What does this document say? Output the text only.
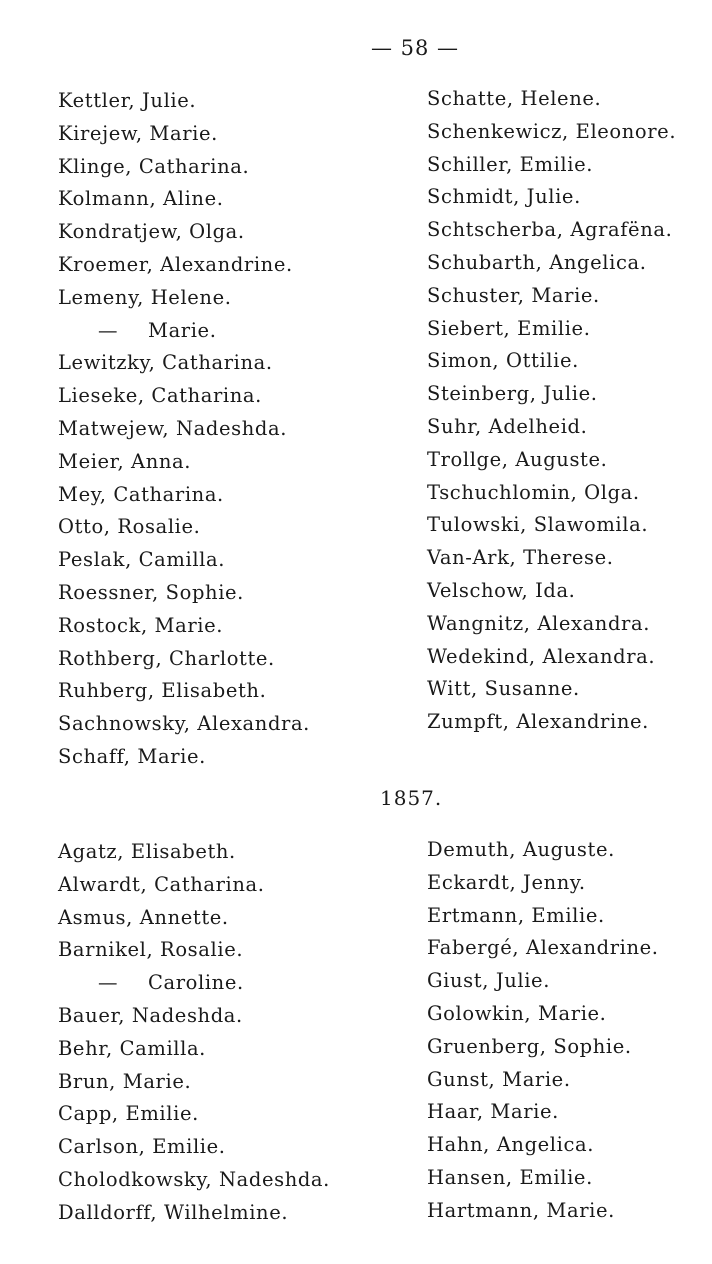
— 58 —
Kettler, Julie.
Kirejew, Marie.
Klinge, Catharina.
Kolmann, Aline.
Kondratjew, Olga.
Kroemer, Alexandrine.
Lemeny, Helene.
— Marie.
Lewitzky, Catharina.
Lieseke, Catharina.
Matwejew, Nadeshda.
Meier, Anna.
Mey, Catharina.
Otto, Rosalie.
Peslak, Camilla.
Roessner, Sophie.
Rostock, Marie.
Rothberg, Charlotte.
Ruhberg, Elisabeth.
Sachnowsky, Alexandra.
Schaff, Marie.
Schatte, Helene.
Schenkewicz, Eleonore.
Schiller, Emilie.
Schmidt, Julie.
Schtscherba, Agrafëna.
Schubarth, Angelica.
Schuster, Marie.
Siebert, Emilie.
Simon, Ottilie.
Steinberg, Julie.
Suhr, Adelheid.
Trollge, Auguste.
Tschuchlomin, Olga.
Tulowski, Slawomila.
Van-Ark, Therese.
Velschow, Ida.
Wangnitz, Alexandra.
Wedekind, Alexandra.
Witt, Susanne.
Zumpft, Alexandrine.
1857.
Agatz, Elisabeth.
Alwardt, Catharina.
Asmus, Annette.
Barnikel, Rosalie.
— Caroline.
Bauer, Nadeshda.
Behr, Camilla.
Brun, Marie.
Capp, Emilie.
Carlson, Emilie.
Cholodkowsky, Nadeshda.
Dalldorff, Wilhelmine.
Demuth, Auguste.
Eckardt, Jenny.
Ertmann, Emilie.
Fabergé, Alexandrine.
Giust, Julie.
Golowkin, Marie.
Gruenberg, Sophie.
Gunst, Marie.
Haar, Marie.
Hahn, Angelica.
Hansen, Emilie.
Hartmann, Marie.
